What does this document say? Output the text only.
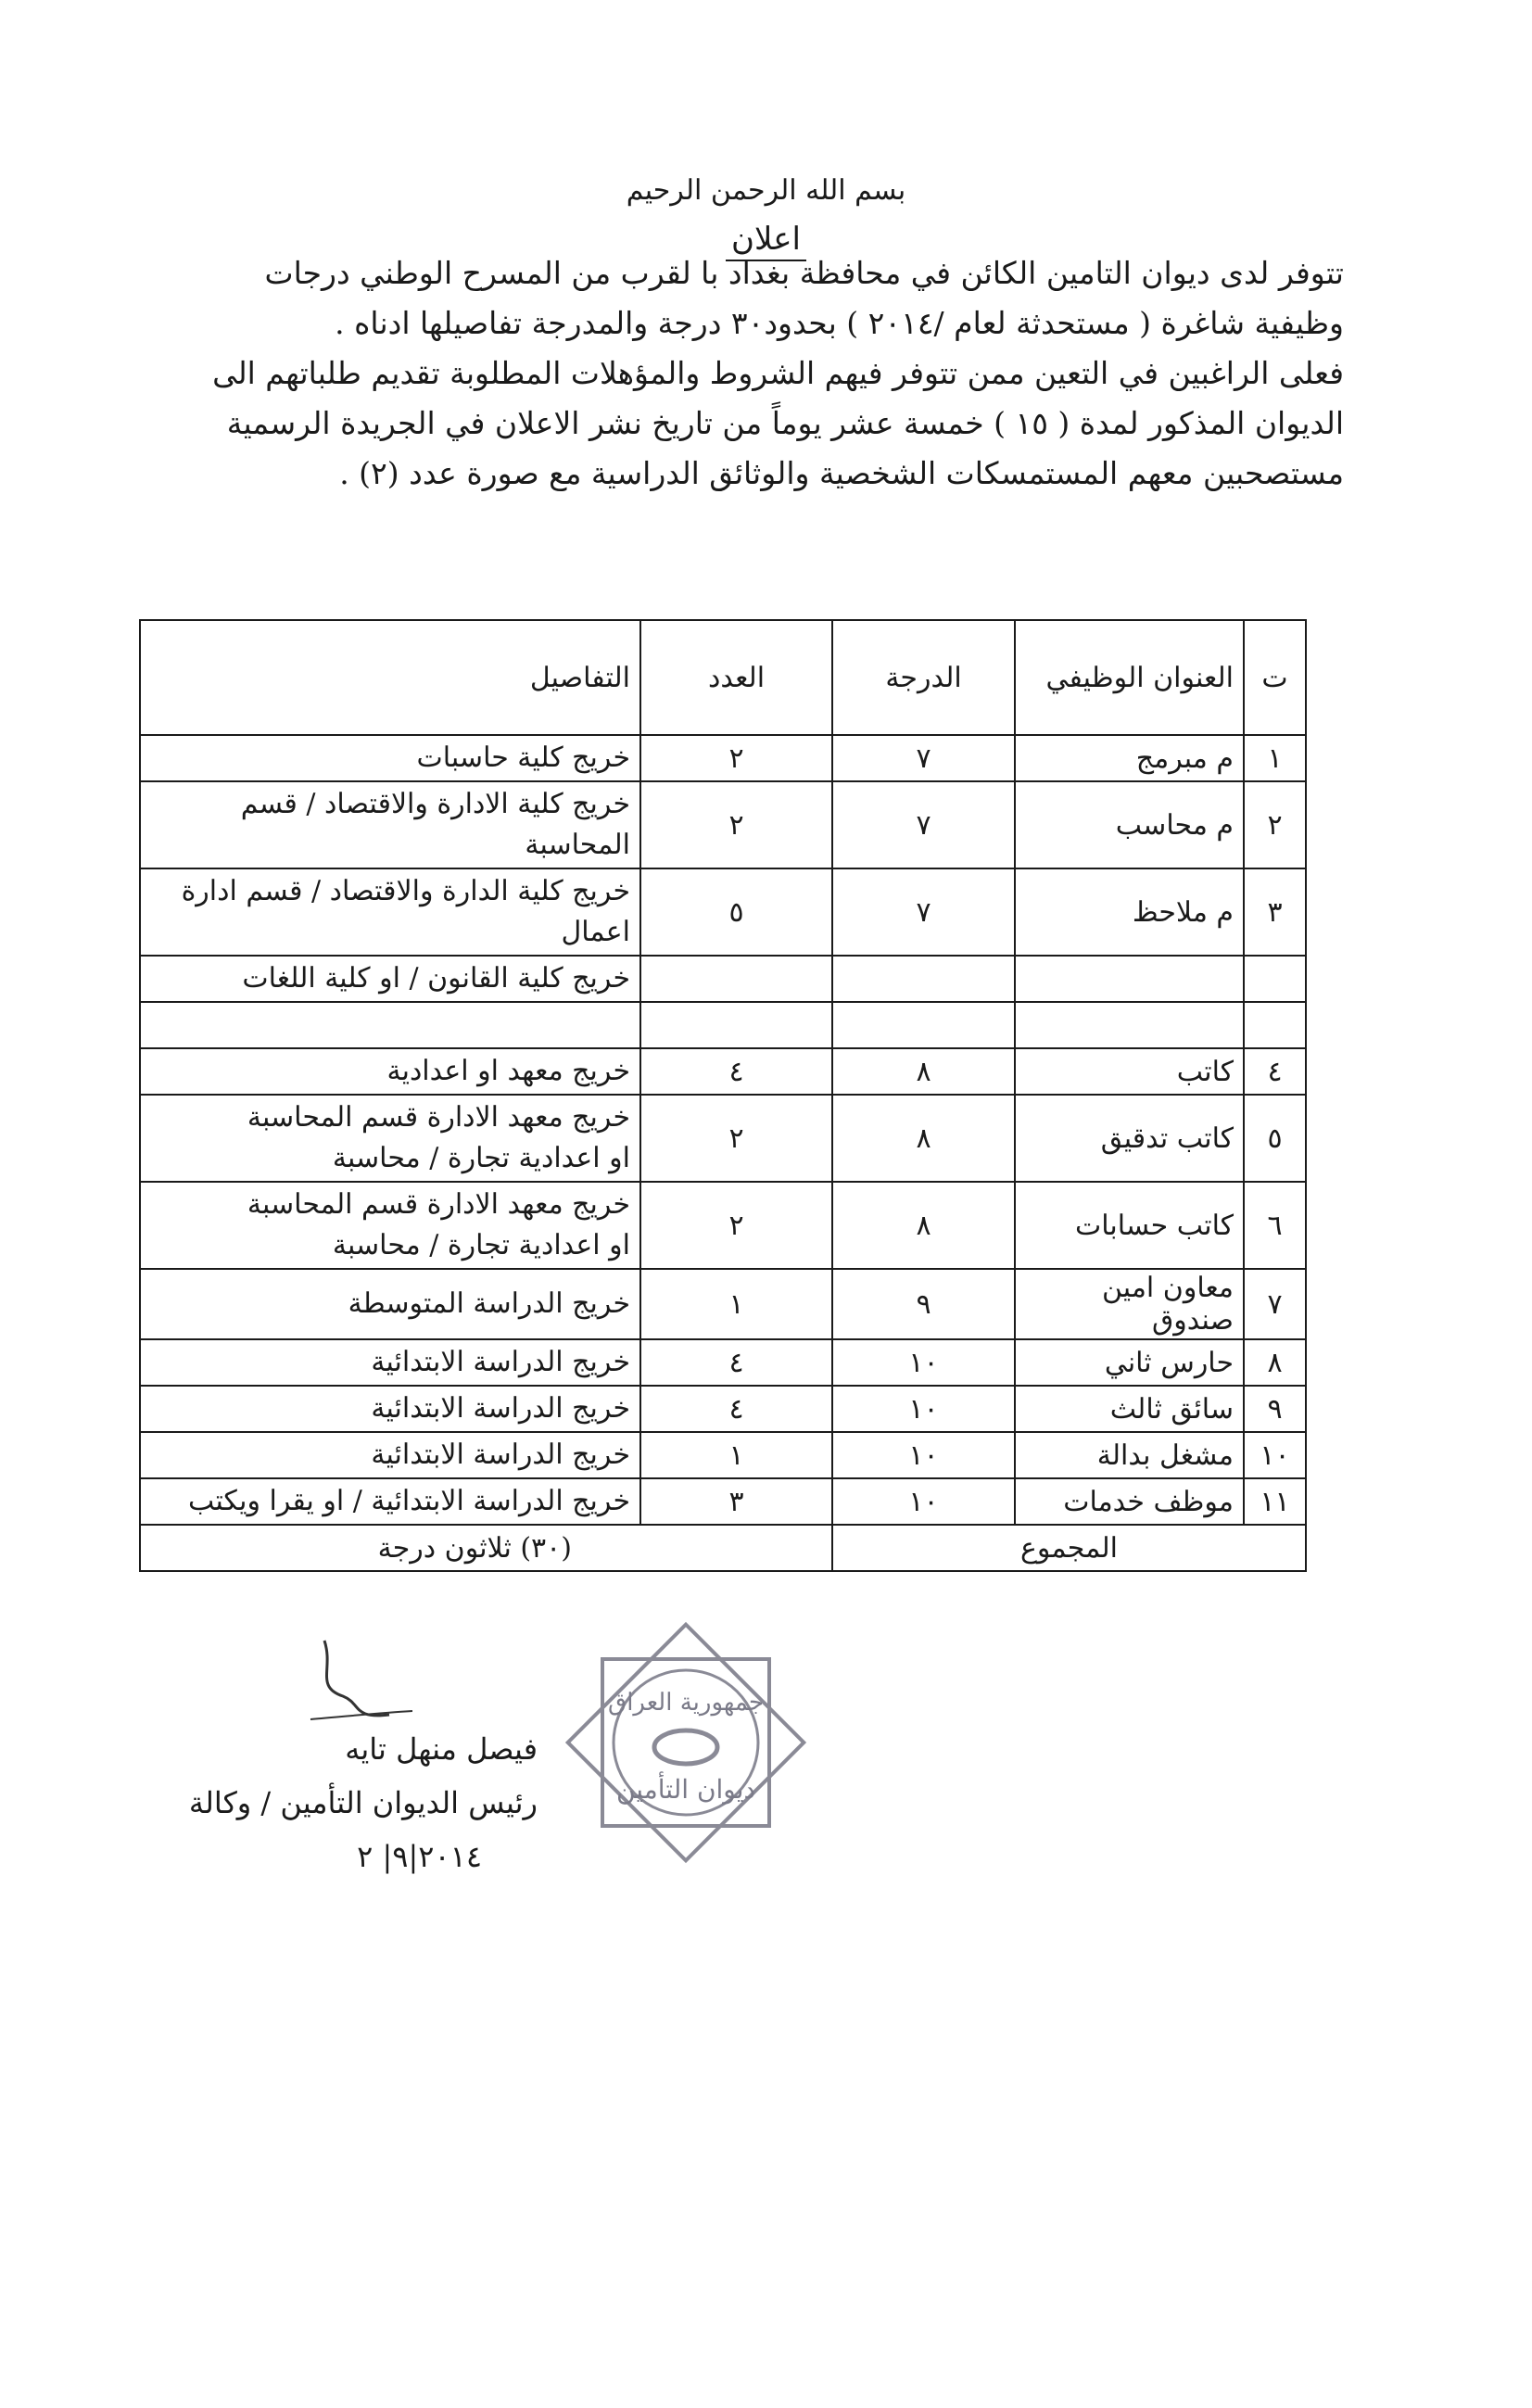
بسم الله الرحمن الرحيم
اعلان
تتوفر لدى ديوان التامين الكائن في محافظة بغداد با لقرب من المسرح الوطني درجات
وظيفية شاغرة ( مستحدثة لعام /٢٠١٤ ) بحدود٣٠ درجة والمدرجة تفاصيلها ادناه .
فعلى الراغبين في التعين ممن تتوفر فيهم الشروط والمؤهلات المطلوبة تقديم طلباتهم الى
الديوان المذكور لمدة ( ١٥ ) خمسة عشر يوماً من تاريخ نشر الاعلان في الجريدة الرسمية
مستصحبين معهم المستمسكات الشخصية والوثائق الدراسية مع صورة عدد (٢) .
ت	العنوان الوظيفي	الدرجة	العدد	التفاصيل
١	م مبرمج	٧	٢	خريج كلية حاسبات

٢	م محاسب	٧	٢	خريج كلية الادارة والاقتصاد / قسم المحاسبة

٣	م ملاحظ	٧	٥	خريج كلية الدارة والاقتصاد / قسم ادارة اعمال

				خريج كلية القانون / او كلية اللغات

٤	كاتب	٨	٤	خريج معهد او اعدادية

٥	كاتب تدقيق	٨	٢	خريج معهد الادارة قسم المحاسبة
او اعدادية تجارة / محاسبة

٦	كاتب حسابات	٨	٢	خريج معهد الادارة قسم المحاسبة
او اعدادية تجارة / محاسبة

٧	معاون امين صندوق	٩	١	خريج الدراسة المتوسطة

٨	حارس ثاني	١٠	٤	خريج الدراسة الابتدائية

٩	سائق ثالث	١٠	٤	خريج الدراسة الابتدائية

١٠	مشغل بدالة	١٠	١	خريج الدراسة الابتدائية

١١	موظف خدمات	١٠	٣	خريج الدراسة الابتدائية / او يقرا ويكتب

المجموع			(٣٠) ثلاثون درجة	
جمهورية العراق
ديوان التأمين
فيصل منهل تايه
رئيس الديوان التأمين / وكالة
٢٠١٤|٩| ٢
